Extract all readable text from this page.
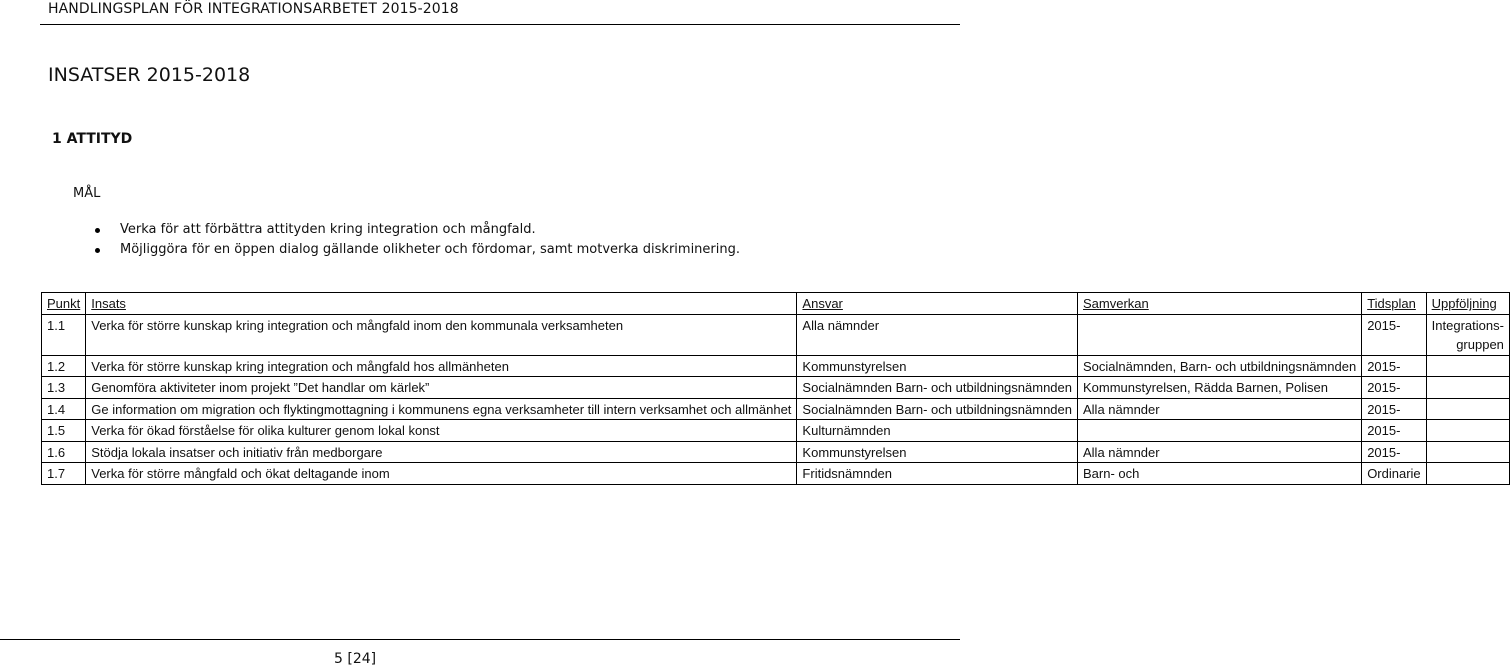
HANDLINGSPLAN FÖR INTEGRATIONSARBETET 2015-2018
INSATSER 2015-2018
1 ATTITYD
MÅL
Verka för att förbättra attityden kring integration och mångfald.
Möjliggöra för en öppen dialog gällande olikheter och fördomar, samt motverka diskriminering.
Punkt	Insats	Ansvar	Samverkan	Tidsplan	Uppföljning
1.1	Verka för större kunskap kring integration och mångfald inom den kommunala verksamheten	Alla nämnder		2015-	Integrations-
gruppen
1.2	Verka för större kunskap kring integration och mångfald hos allmänheten	Kommunstyrelsen	Socialnämnden, Barn- och utbildningsnämnden	2015-	
1.3	Genomföra aktiviteter inom projekt ”Det handlar om kärlek”	Socialnämnden Barn- och utbildningsnämnden	Kommunstyrelsen, Rädda Barnen, Polisen	2015-	
1.4	Ge information om migration och flyktingmottagning i kommunens egna verksamheter till intern verksamhet och allmänhet	Socialnämnden Barn- och utbildningsnämnden	Alla nämnder	2015-	
1.5	Verka för ökad förståelse för olika kulturer genom lokal konst	Kulturnämnden		2015-	
1.6	Stödja lokala insatser och initiativ från medborgare	Kommunstyrelsen	Alla nämnder	2015-	
1.7	Verka för större mångfald och ökat deltagande inom	Fritidsnämnden	Barn- och	Ordinarie	
5 [24]
